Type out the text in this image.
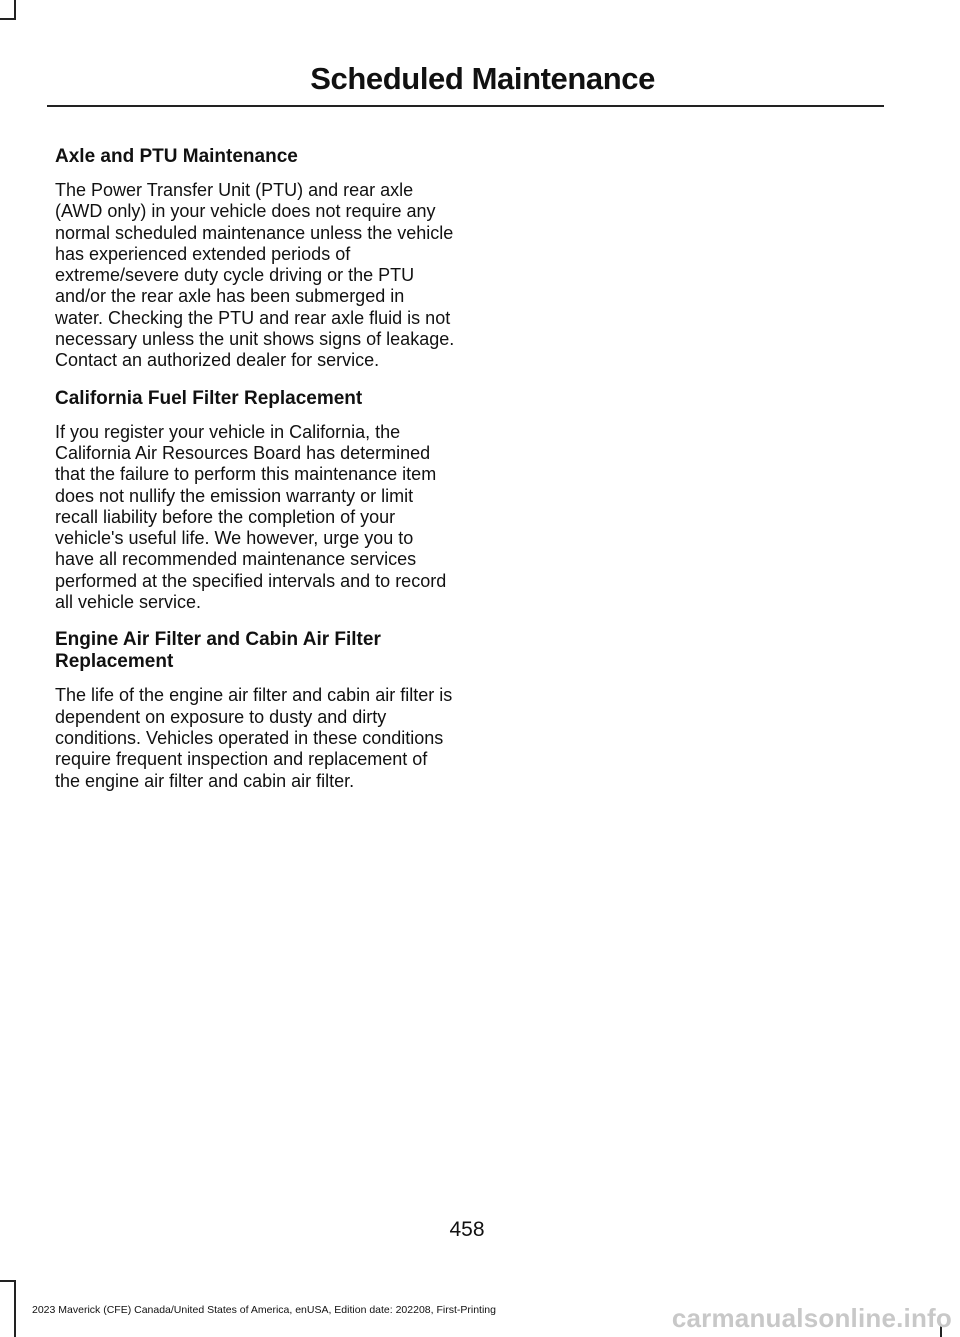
Scheduled Maintenance
Axle and PTU Maintenance

The Power Transfer Unit (PTU) and rear axle (AWD only) in your vehicle does not require any normal scheduled maintenance unless the vehicle has experienced extended periods of extreme/severe duty cycle driving or the PTU and/or the rear axle has been submerged in water. Checking the PTU and rear axle fluid is not necessary unless the unit shows signs of leakage. Contact an authorized dealer for service.

California Fuel Filter Replacement

If you register your vehicle in California, the California Air Resources Board has determined that the failure to perform this maintenance item does not nullify the emission warranty or limit recall liability before the completion of your vehicle's useful life. We however, urge you to have all recommended maintenance services performed at the specified intervals and to record all vehicle service.

Engine Air Filter and Cabin Air Filter Replacement

The life of the engine air filter and cabin air filter is dependent on exposure to dusty and dirty conditions. Vehicles operated in these conditions require frequent inspection and replacement of the engine air filter and cabin air filter.

458
2023 Maverick (CFE) Canada/United States of America, enUSA, Edition date: 202208, First-Printing	carmanualsonline.info
